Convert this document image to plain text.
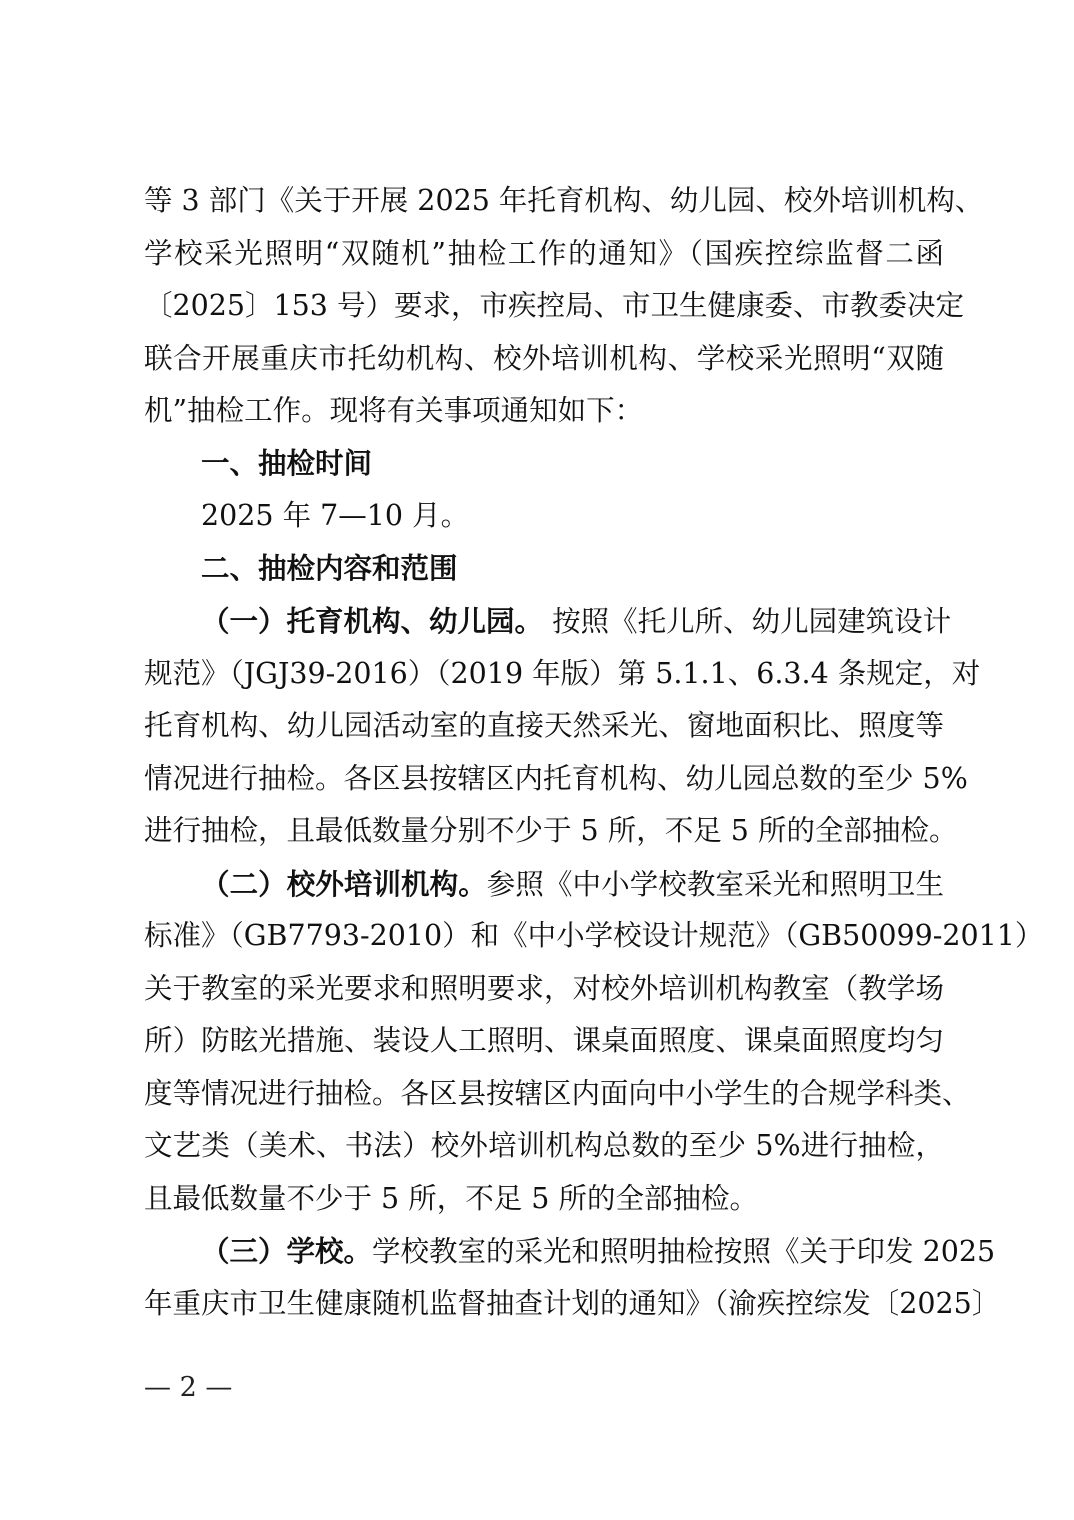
等 3 部门《关于开展 2025 年托育机构、幼儿园、校外培训机构、
学校采光照明“双随机”抽检工作的通知》（国疾控综监督二函
〔2025〕153 号）要求，市疾控局、市卫生健康委、市教委决定
联合开展重庆市托幼机构、校外培训机构、学校采光照明“双随
机”抽检工作。现将有关事项通知如下：
一、抽检时间
2025 年 7—10 月。
二、抽检内容和范围
（一）托育机构、幼儿园。 按照《托儿所、幼儿园建筑设计
规范》（JGJ39-2016）（2019 年版）第 5.1.1、6.3.4 条规定，对
托育机构、幼儿园活动室的直接天然采光、窗地面积比、照度等
情况进行抽检。各区县按辖区内托育机构、幼儿园总数的至少 5%
进行抽检，且最低数量分别不少于 5 所，不足 5 所的全部抽检。
（二）校外培训机构。参照《中小学校教室采光和照明卫生
标准》（GB7793-2010）和《中小学校设计规范》（GB50099-2011）
关于教室的采光要求和照明要求，对校外培训机构教室（教学场
所）防眩光措施、装设人工照明、课桌面照度、课桌面照度均匀
度等情况进行抽检。各区县按辖区内面向中小学生的合规学科类、
文艺类（美术、书法）校外培训机构总数的至少 5%进行抽检，
且最低数量不少于 5 所，不足 5 所的全部抽检。
（三）学校。学校教室的采光和照明抽检按照《关于印发 2025
年重庆市卫生健康随机监督抽查计划的通知》（渝疾控综发〔2025〕
— 2 —
